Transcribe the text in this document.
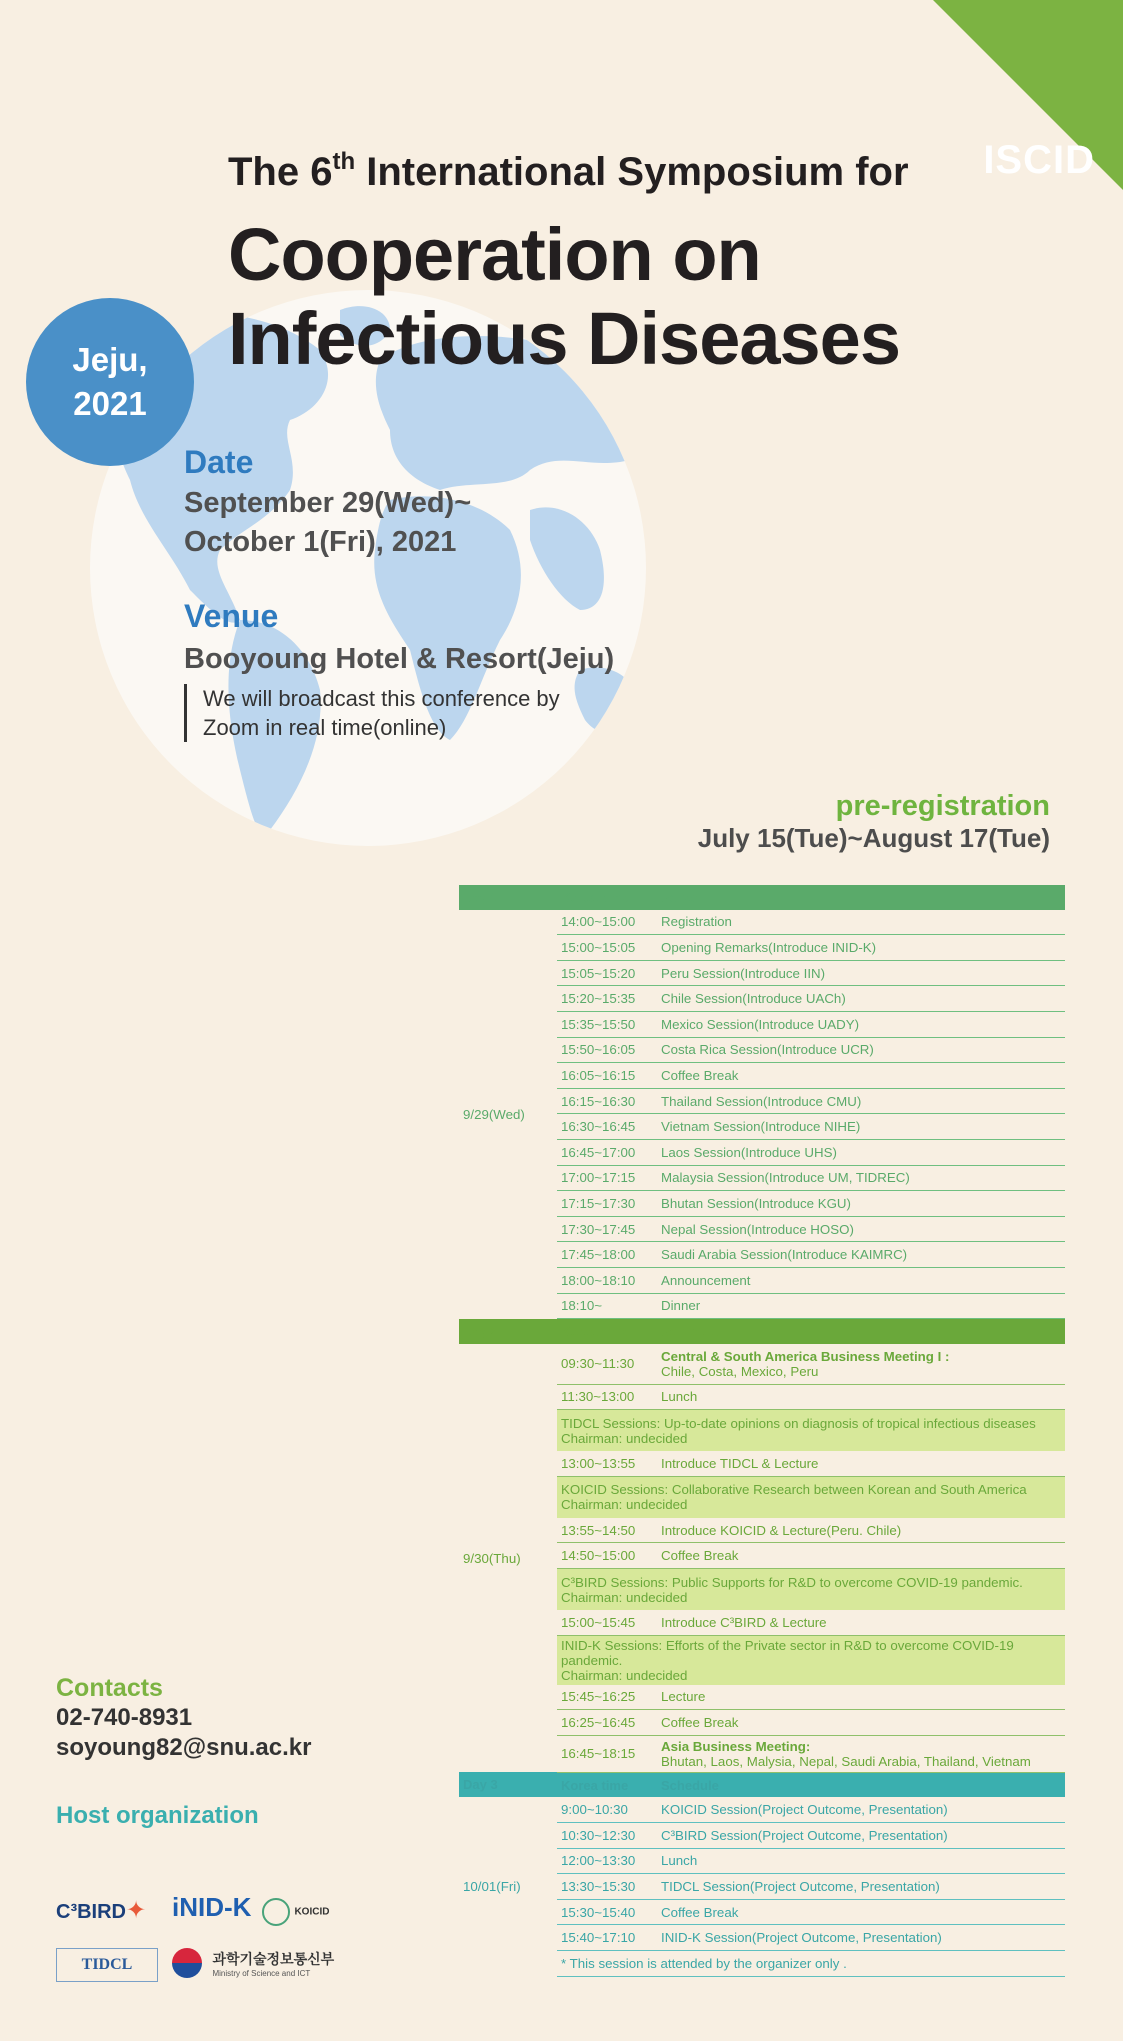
ISCID
Jeju,
2021
The 6th International Symposium for
Cooperation on
Infectious Diseases
Date
September 29(Wed)~
October 1(Fri), 2021
Venue
Booyoung Hotel & Resort(Jeju)
We will broadcast this conference by
Zoom in real time(online)
pre-registration
July 15(Tue)~August 17(Tue)
Day 1	Korea time	Schedule
9/29(Wed)	14:00~15:00	Registration
	15:00~15:05	Opening Remarks(Introduce INID-K)
	15:05~15:20	Peru Session(Introduce IIN)
	15:20~15:35	Chile Session(Introduce UACh)
	15:35~15:50	Mexico Session(Introduce UADY)
	15:50~16:05	Costa Rica Session(Introduce UCR)
	16:05~16:15	Coffee Break
	16:15~16:30	Thailand Session(Introduce CMU)
	16:30~16:45	Vietnam Session(Introduce NIHE)
	16:45~17:00	Laos Session(Introduce UHS)
	17:00~17:15	Malaysia Session(Introduce UM, TIDREC)
	17:15~17:30	Bhutan Session(Introduce KGU)
	17:30~17:45	Nepal Session(Introduce HOSO)
	17:45~18:00	Saudi Arabia Session(Introduce KAIMRC)
	18:00~18:10	Announcement
	18:10~	Dinner
Day 2	Korea time	Schedule
9/30(Thu)	09:30~11:30	Central & South America Business Meeting I :
Chile, Costa, Mexico, Peru

	11:30~13:00	Lunch

	TIDCL Sessions: Up-to-date opinions on diagnosis of tropical infectious diseases
Chairman: undecided	

	13:00~13:55	Introduce TIDCL & Lecture

	KOICID Sessions: Collaborative Research between Korean and South America
Chairman: undecided	

	13:55~14:50	Introduce KOICID & Lecture(Peru. Chile)
	14:50~15:00	Coffee Break

	C³BIRD Sessions: Public Supports for R&D to overcome COVID-19 pandemic.
Chairman: undecided	

	15:00~15:45	Introduce C³BIRD & Lecture

	INID-K Sessions: Efforts of the Private sector in R&D to overcome COVID-19 pandemic.
Chairman: undecided	

	15:45~16:25	Lecture
	16:25~16:45	Coffee Break
	16:45~18:15	Asia Business Meeting:
Bhutan, Laos, Malysia, Nepal, Saudi Arabia, Thailand, Vietnam

Day 3	Korea time	Schedule
10/01(Fri)	9:00~10:30	KOICID Session(Project Outcome, Presentation)
	10:30~12:30	C³BIRD Session(Project Outcome, Presentation)
	12:00~13:30	Lunch
	13:30~15:30	TIDCL Session(Project Outcome, Presentation)
	15:30~15:40	Coffee Break
	15:40~17:10	INID-K Session(Project Outcome, Presentation)
	* This session is attended by the organizer only .	
Contacts
02-740-8931
soyoung82@snu.ac.kr
Host organization
C³BIRD✦ iNID-K	KOICID
TIDCL
	과학기술정보통신부
Ministry of Science and ICT
